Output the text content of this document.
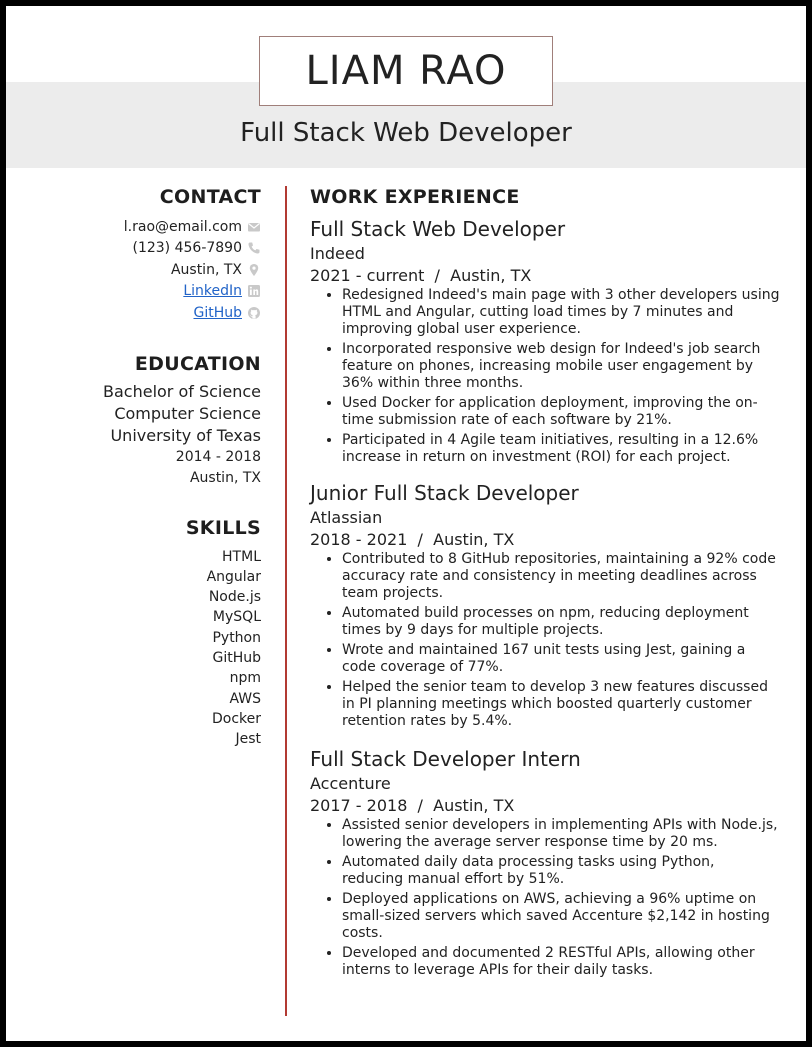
LIAM RAO
Full Stack Web Developer
CONTACT
l.rao@email.com
(123) 456-7890
Austin, TX
LinkedIn
GitHub
EDUCATION
Bachelor of Science
Computer Science
University of Texas
2014 - 2018
Austin, TX
SKILLS
HTML
Angular
Node.js
MySQL
Python
GitHub
npm
AWS
Docker
Jest
WORK EXPERIENCE
Full Stack Web Developer
Indeed
2021 - current  /  Austin, TX
• Redesigned Indeed's main page with 3 other developers using HTML and Angular, cutting load times by 7 minutes and improving global user experience.
• Incorporated responsive web design for Indeed's job search feature on phones, increasing mobile user engagement by 36% within three months.
• Used Docker for application deployment, improving the on-time submission rate of each software by 21%.
• Participated in 4 Agile team initiatives, resulting in a 12.6% increase in return on investment (ROI) for each project.
Junior Full Stack Developer
Atlassian
2018 - 2021  /  Austin, TX
• Contributed to 8 GitHub repositories, maintaining a 92% code accuracy rate and consistency in meeting deadlines across team projects.
• Automated build processes on npm, reducing deployment times by 9 days for multiple projects.
• Wrote and maintained 167 unit tests using Jest, gaining a code coverage of 77%.
• Helped the senior team to develop 3 new features discussed in PI planning meetings which boosted quarterly customer retention rates by 5.4%.
Full Stack Developer Intern
Accenture
2017 - 2018  /  Austin, TX
• Assisted senior developers in implementing APIs with Node.js, lowering the average server response time by 20 ms.
• Automated daily data processing tasks using Python, reducing manual effort by 51%.
• Deployed applications on AWS, achieving a 96% uptime on small-sized servers which saved Accenture $2,142 in hosting costs.
• Developed and documented 2 RESTful APIs, allowing other interns to leverage APIs for their daily tasks.
